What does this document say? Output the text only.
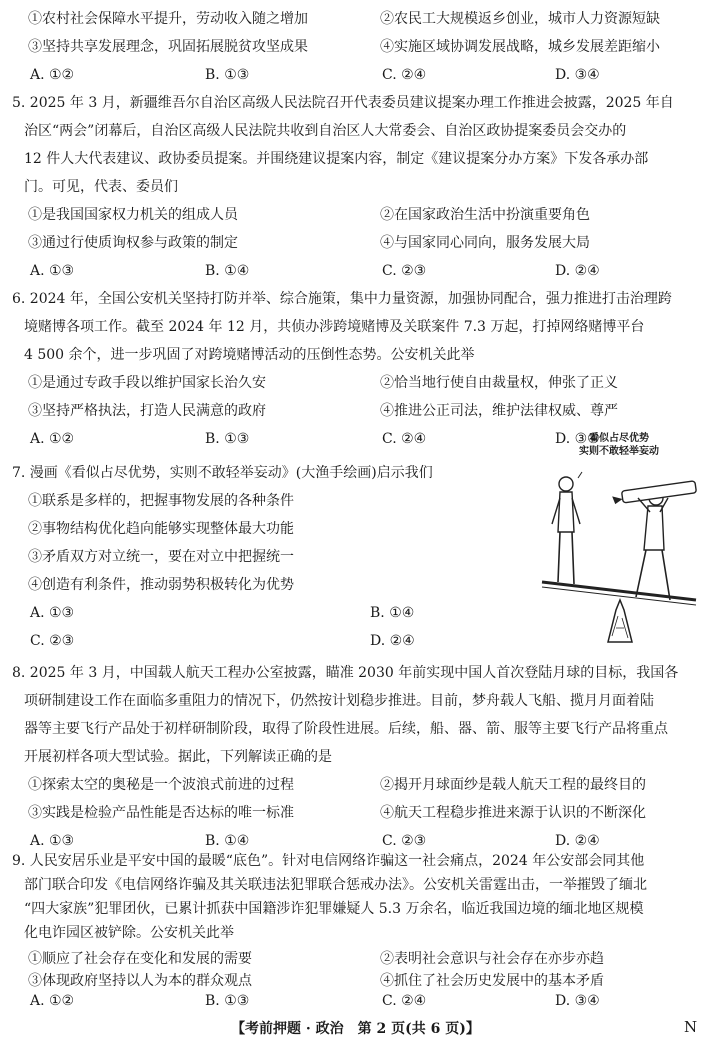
①农村社会保障水平提升，劳动收入随之增加	②农民工大规模返乡创业，城市人力资源短缺
③坚持共享发展理念，巩固拓展脱贫攻坚成果	④实施区域协调发展战略，城乡发展差距缩小
A. ①②	B. ①③	C. ②④	D. ③④
5. 2025 年 3 月，新疆维吾尔自治区高级人民法院召开代表委员建议提案办理工作推进会披露，2025 年自
治区“两会”闭幕后，自治区高级人民法院共收到自治区人大常委会、自治区政协提案委员会交办的
12 件人大代表建议、政协委员提案。并围绕建议提案内容，制定《建议提案分办方案》下发各承办部
门。可见，代表、委员们
①是我国国家权力机关的组成人员	②在国家政治生活中扮演重要角色
③通过行使质询权参与政策的制定	④与国家同心同向，服务发展大局
A. ①③	B. ①④	C. ②③	D. ②④
6. 2024 年，全国公安机关坚持打防并举、综合施策，集中力量资源，加强协同配合，强力推进打击治理跨
境赌博各项工作。截至 2024 年 12 月，共侦办涉跨境赌博及关联案件 7.3 万起，打掉网络赌博平台
4 500 余个，进一步巩固了对跨境赌博活动的压倒性态势。公安机关此举
①是通过专政手段以维护国家长治久安	②恰当地行使自由裁量权，伸张了正义
③坚持严格执法，打造人民满意的政府	④推进公正司法，维护法律权威、尊严
A. ①②	B. ①③	C. ②④	D. ③④
7. 漫画《看似占尽优势，实则不敢轻举妄动》(大渔手绘画)启示我们
①联系是多样的，把握事物发展的各种条件
②事物结构优化趋向能够实现整体最大功能
③矛盾双方对立统一，要在对立中把握统一
④创造有利条件，推动弱势积极转化为优势
A. ①③	B. ①④
C. ②③	D. ②④
看似占尽优势
实则不敢轻举妄动
8. 2025 年 3 月，中国载人航天工程办公室披露，瞄准 2030 年前实现中国人首次登陆月球的目标，我国各
项研制建设工作在面临多重阻力的情况下，仍然按计划稳步推进。目前，梦舟载人飞船、揽月月面着陆
器等主要飞行产品处于初样研制阶段，取得了阶段性进展。后续，船、器、箭、服等主要飞行产品将重点
开展初样各项大型试验。据此，下列解读正确的是
①探索太空的奥秘是一个波浪式前进的过程	②揭开月球面纱是载人航天工程的最终目的
③实践是检验产品性能是否达标的唯一标准	④航天工程稳步推进来源于认识的不断深化
A. ①③	B. ①④	C. ②③	D. ②④
9. 人民安居乐业是平安中国的最暖“底色”。针对电信网络诈骗这一社会痛点，2024 年公安部会同其他
部门联合印发《电信网络诈骗及其关联违法犯罪联合惩戒办法》。公安机关雷霆出击，一举摧毁了缅北
“四大家族”犯罪团伙，已累计抓获中国籍涉诈犯罪嫌疑人 5.3 万余名，临近我国边境的缅北地区规模
化电诈园区被铲除。公安机关此举
①顺应了社会存在变化和发展的需要	②表明社会意识与社会存在亦步亦趋
【考前押题 · 政治　第 2 页(共 6 页)】	N
③体现政府坚持以人为本的群众观点	④抓住了社会历史发展中的基本矛盾
A. ①②	B. ①③	C. ②④	D. ③④
